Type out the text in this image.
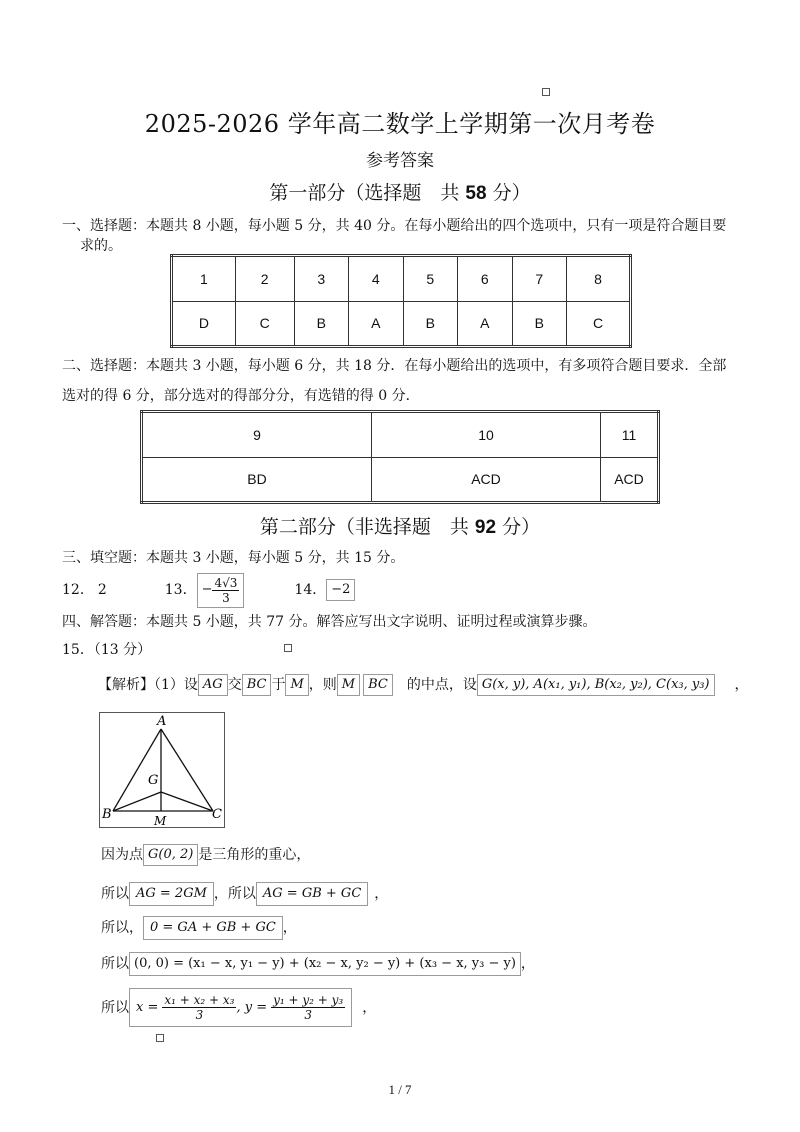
2025-2026 学年高二数学上学期第一次月考卷
参考答案
第一部分（选择题　共 58 分）
一、选择题：本题共 8 小题，每小题 5 分，共 40 分。在每小题给出的四个选项中，只有一项是符合题目要
求的。
1	2	3	4	5	6	7	8
D	C	B	A	B	A	B	C
二、选择题：本题共 3 小题，每小题 6 分，共 18 分．在每小题给出的选项中，有多项符合题目要求．全部
选对的得 6 分，部分选对的得部分分，有选错的得 0 分．
9	10	11
BD	ACD	ACD
第二部分（非选择题　共 92 分）
三、填空题：本题共 3 小题，每小题 5 分，共 15 分。
12． 2	13． − $\frac{4√3}{3}$	14． −2
四、解答题：本题共 5 小题，共 77 分。解答应写出文字说明、证明过程或演算步骤。
15．（13 分）
【解析】（1）设 AG 交 BC 于 M ，则 M	BC	的中点， 设 G(x, y), A(x₁, y₁), B(x₂, y₂), C(x₃, y₃)	，
A
B	C
G
M
因为点 G(0, 2) 是三角形的重心，
所以 AG = 2GM ，所以 AG = GB + GC ，
所以， 0 = GA + GB + GC ，
所以 (0, 0) = (x₁ − x, y₁ − y) + (x₂ − x, y₂ − y) + (x₃ − x, y₃ − y) ，
所以 $x = \frac{\text{x₁ + x₂ + x₃}}{3}$ , $y = \frac{\text{y₁ + y₂ + y₃}}{3}$ ，
1 / 7
